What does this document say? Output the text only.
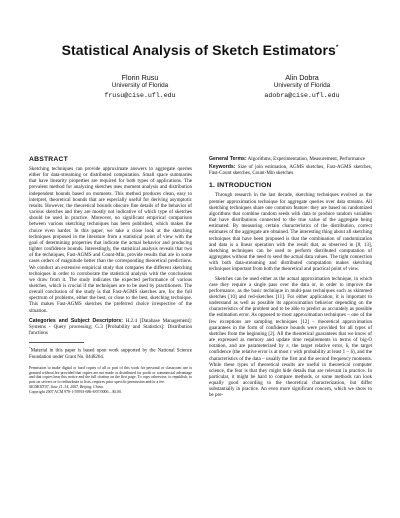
Statistical Analysis of Sketch Estimators*
Florin Rusu
University of Florida
frusu@cise.ufl.edu
Alin Dobra
University of Florida
adobra@cise.ufl.edu
ABSTRACT

Sketching techniques can provide approximate answers to aggregate queries either for data-streaming or distributed computation. Small space summaries that have linearity properties are required for both types of applications. The prevalent method for analyzing sketches uses moment analysis and distribution independent bounds based on moments. This method produces clean, easy to interpret, theoretical bounds that are especially useful for deriving asymptotic results. However, the theoretical bounds obscure fine details of the behavior of various sketches and they are mostly not indicative of which type of sketches should be used in practice. Moreover, no significant empirical comparison between various sketching techniques has been published, which makes the choice even harder. In this paper, we take a close look at the sketching techniques proposed in the literature from a statistical point of view with the goal of determining properties that indicate the actual behavior and producing tighter confidence bounds. Interestingly, the statistical analysis reveals that two of the techniques, Fast-AGMS and Count-Min, provide results that are in some cases orders of magnitude better than the corresponding theoretical predictions. We conduct an extensive empirical study that compares the different sketching techniques in order to corroborate the statistical analysis with the conclusions we draw from it. The study indicates the expected performance of various sketches, which is crucial if the techniques are to be used by practitioners. The overall conclusion of the study is that Fast-AGMS sketches are, for the full spectrum of problems, either the best, or close to the best, sketching technique. This makes Fast-AGMS sketches the preferred choice irrespective of the situation.

Categories and Subject Descriptors: H.2.4 [Database Management]: Systems - Query processing; G.3 [Probability and Statistics]: Distribution functions

*Material in this paper is based upon work supported by the National Science Foundation under Grant No. 0448264.

Permission to make digital or hard copies of all or part of this work for personal or classroom use is granted without fee provided that copies are not made or distributed for profit or commercial advantage and that copies bear this notice and the full citation on the first page. To copy otherwise, to republish, to post on servers or to redistribute to lists, requires prior specific permission and/or a fee.
SIGMOD'07, June 11–14, 2007, Beijing, China.
Copyright 2007 ACM 978-1-59593-686-8/07/0006 ...$5.00.

General Terms: Algorithms, Experimentation, Measurement, Performance

Keywords: Size of join estimation, AGMS sketches, Fast-AGMS sketches, Fast-Count sketches, Count-Min sketches

1. INTRODUCTION

Through research in the last decade, sketching techniques evolved as the premier approximation technique for aggregate queries over data streams. All sketching techniques share one common feature: they are based on randomized algorithms that combine random seeds with data to produce random variables that have distributions connected to the true value of the aggregate being estimated. By measuring certain characteristics of the distribution, correct estimates of the aggregate are obtained. The interesting thing about all sketching techniques that have been proposed is that the combination of randomization and data is a linear operation with the result that, as observed in [8, 13], sketching techniques can be used to perform distributed computation of aggregates without the need to send the actual data values. The tight connection with both data-streaming and distributed computation makes sketching techniques important from both the theoretical and practical point of view.

Sketches can be used either as the actual approximation technique, in which case they require a single pass over the data or, in order to improve the performance, as the basic technique in multi-pass techniques such as skimmed sketches [10] and red-sketches [11]. For either application, it is important to understand as well as possible its approximation behavior depending on the characteristics of the problem and to be able to predict as accurately as possible the estimation error. As opposed to most approximation techniques – one of the few exceptions are sampling techniques [12] – theoretical approximation guarantees in the form of confidence bounds were provided for all types of sketches from the beginning [2]. All the theoretical guarantees that we know of are expressed as memory and update time requirements in terms of big-O notation, and are parameterized by ε, the target relative error, δ, the target confidence (the relative error is at most ε with probability at least 1 − δ), and the characteristics of the data – usually the first and the second frequency moments. While these types of theoretical results are useful in theoretical computer science, the fear is that they might hide details that are relevant in practice. In particular, it might be hard to compare methods, or some methods can look equally good according to the theoretical characterization, but differ substantially in practice. An even more significant concern, which we show to be pre-
